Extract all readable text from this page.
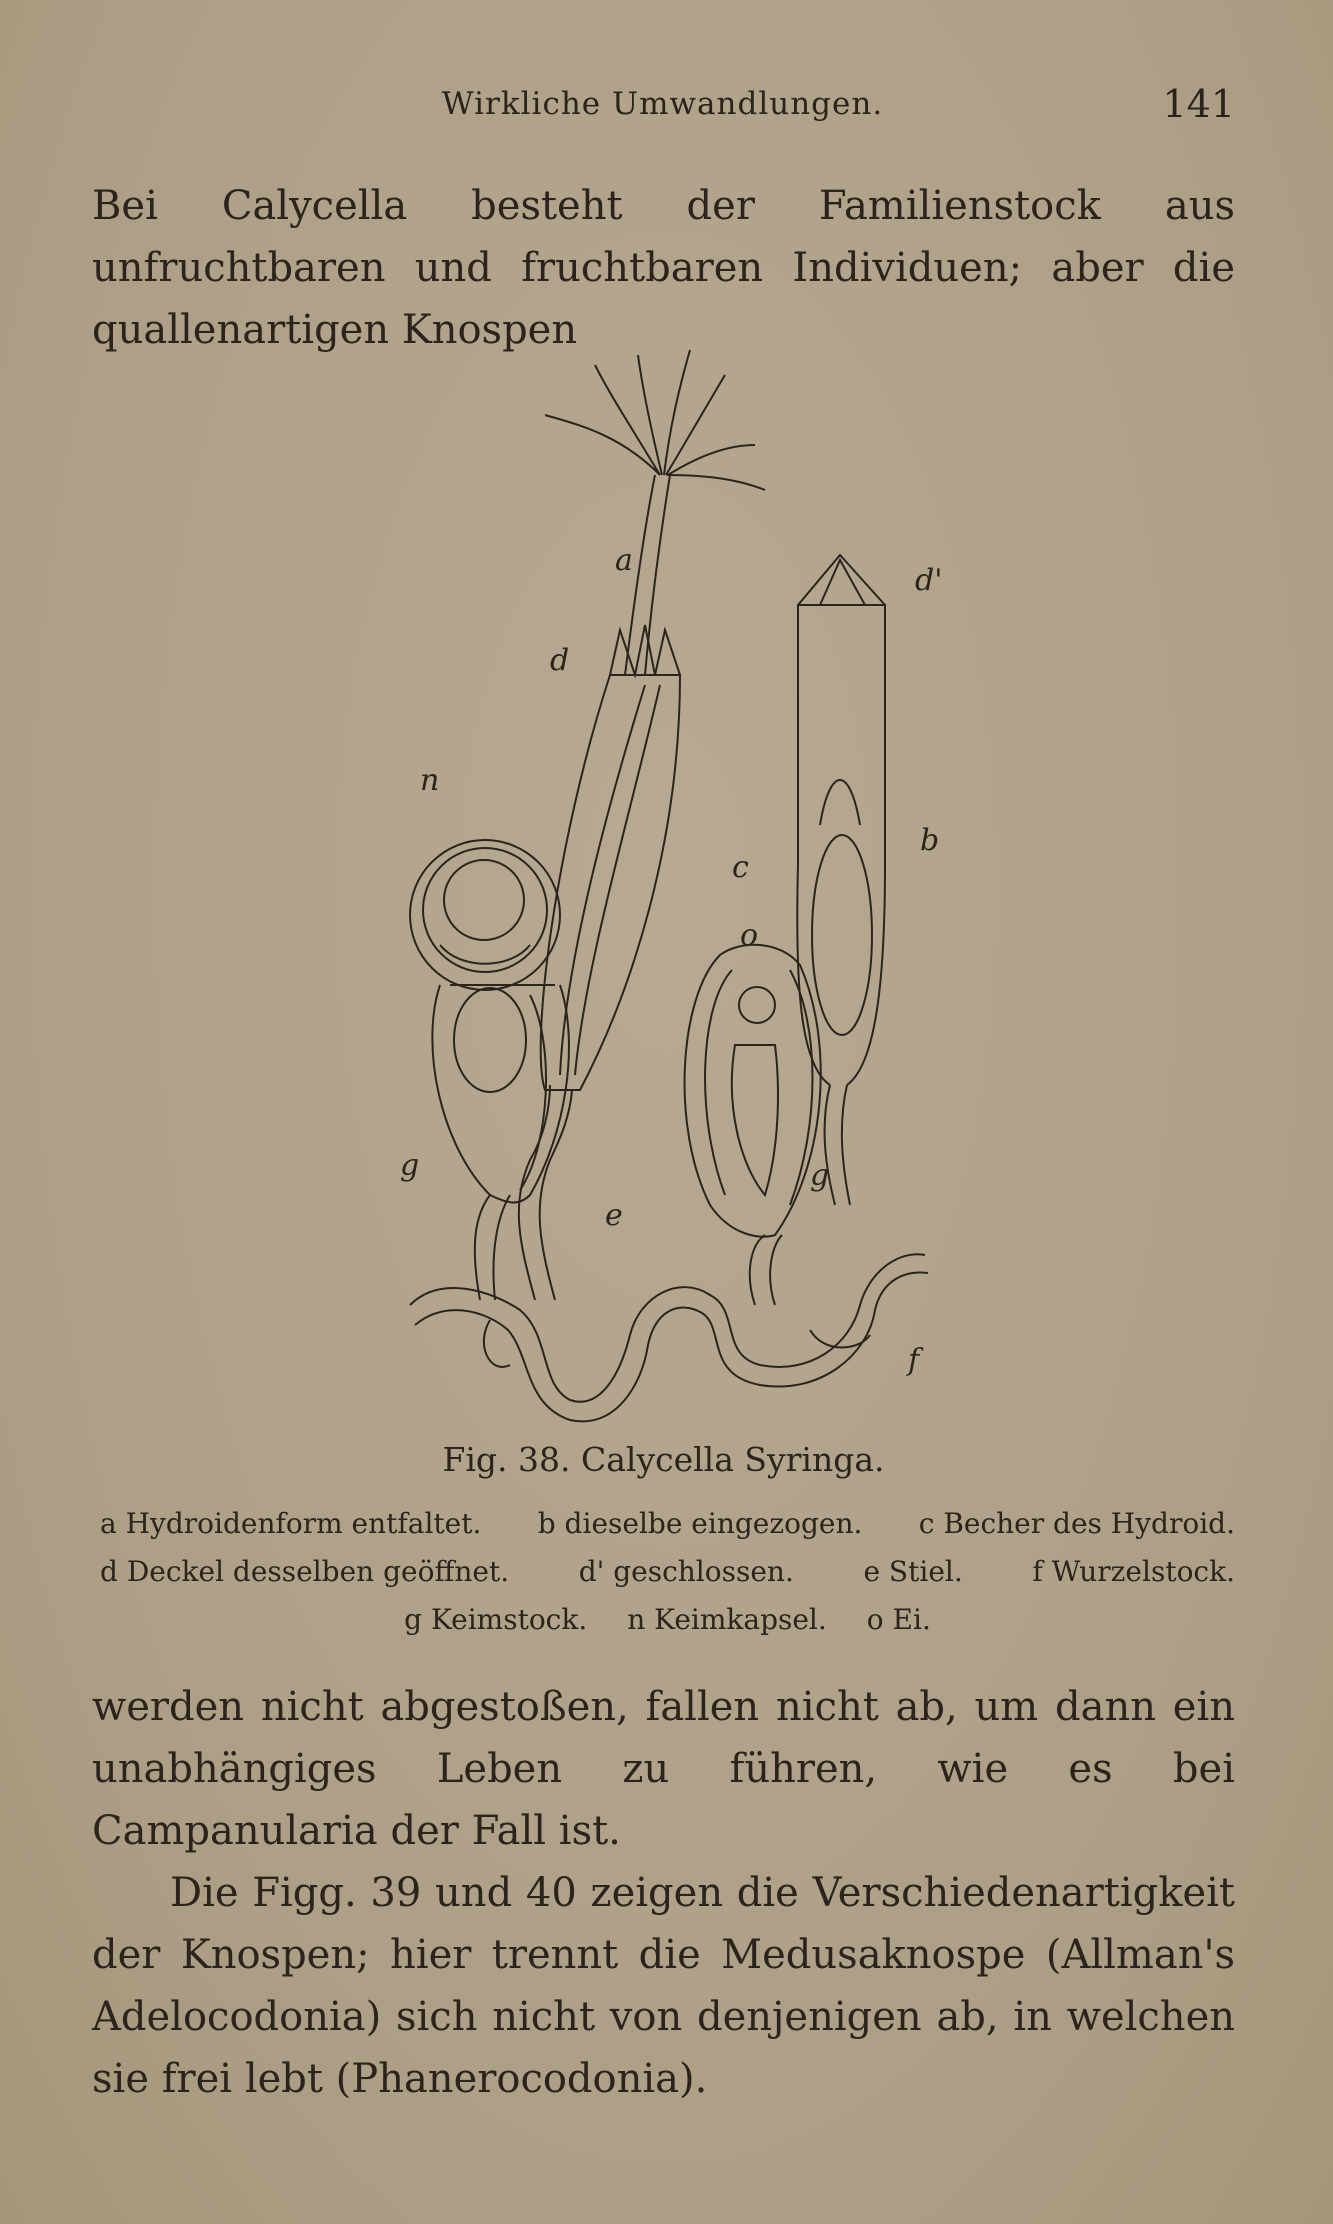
Wirkliche Umwandlungen.	141

Bei Calycella besteht der Familienstock aus unfruchtbaren und fruchtbaren Individuen; aber die quallenartigen Knospen

n
o
a
d
d'
b
c
g	g
e
f
Fig. 38. Calycella Syringa.
a Hydroidenform entfaltet. b dieselbe eingezogen. c Becher des Hydroid.
d Deckel desselben geöffnet. d' geschlossen. e Stiel. f Wurzelstock.
g Keimstock. n Keimkapsel. o Ei.

werden nicht abgestoßen, fallen nicht ab, um dann ein unabhängiges Leben zu führen, wie es bei Campanularia der Fall ist.

Die Figg. 39 und 40 zeigen die Verschiedenartigkeit der Knospen; hier trennt die Medusaknospe (Allman's Adelocodonia) sich nicht von denjenigen ab, in welchen sie frei lebt (Phanerocodonia).
